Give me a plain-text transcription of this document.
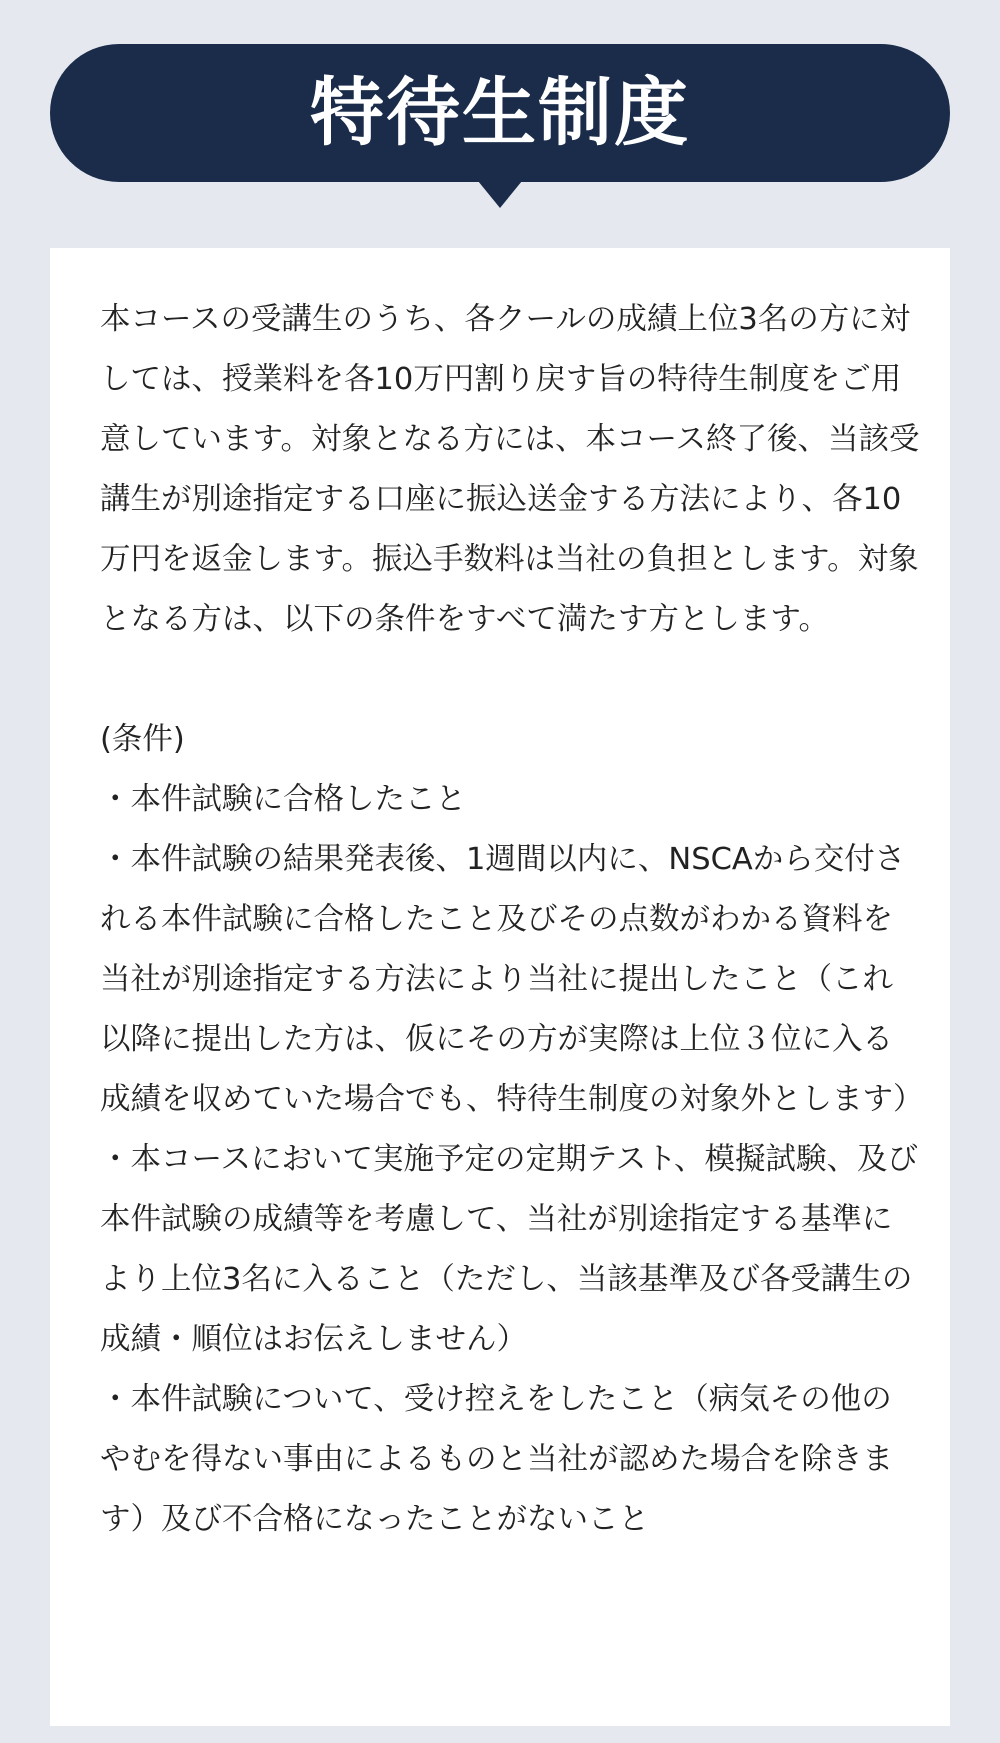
特待生制度

本コースの受講生のうち、各クールの成績上位3名の方に対しては、授業料を各10万円割り戻す旨の特待生制度をご用意しています。対象となる方には、本コース終了後、当該受講生が別途指定する口座に振込送金する方法により、各10万円を返金します。振込手数料は当社の負担とします。対象となる方は、以下の条件をすべて満たす方とします。

(条件)

・本件試験に合格したこと

・本件試験の結果発表後、1週間以内に、NSCAから交付される本件試験に合格したこと及びその点数がわかる資料を当社が別途指定する方法により当社に提出したこと（これ以降に提出した方は、仮にその方が実際は上位３位に入る成績を収めていた場合でも、特待生制度の対象外とします）

・本コースにおいて実施予定の定期テスト、模擬試験、及び本件試験の成績等を考慮して、当社が別途指定する基準により上位3名に入ること（ただし、当該基準及び各受講生の成績・順位はお伝えしません）

・本件試験について、受け控えをしたこと（病気その他のやむを得ない事由によるものと当社が認めた場合を除きます）及び不合格になったことがないこと
